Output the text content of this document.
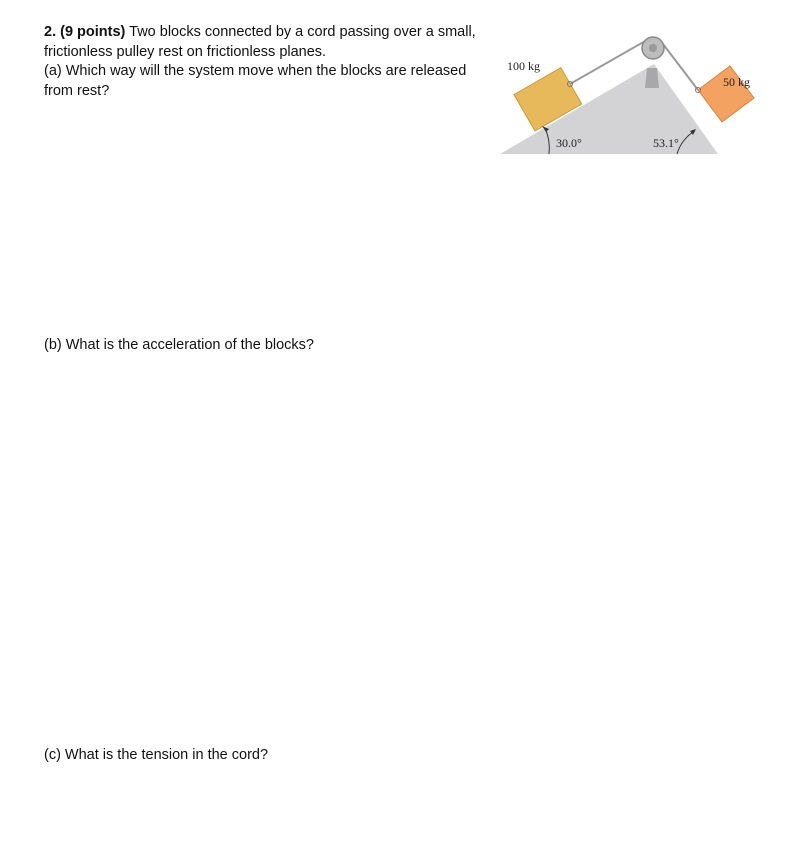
2. (9 points) Two blocks connected by a cord passing over a small, frictionless pulley rest on frictionless planes.

(a) Which way will the system move when the blocks are released from rest?

100 kg
50 kg
30.0°	53.1°

(b) What is the acceleration of the blocks?

(c) What is the tension in the cord?
